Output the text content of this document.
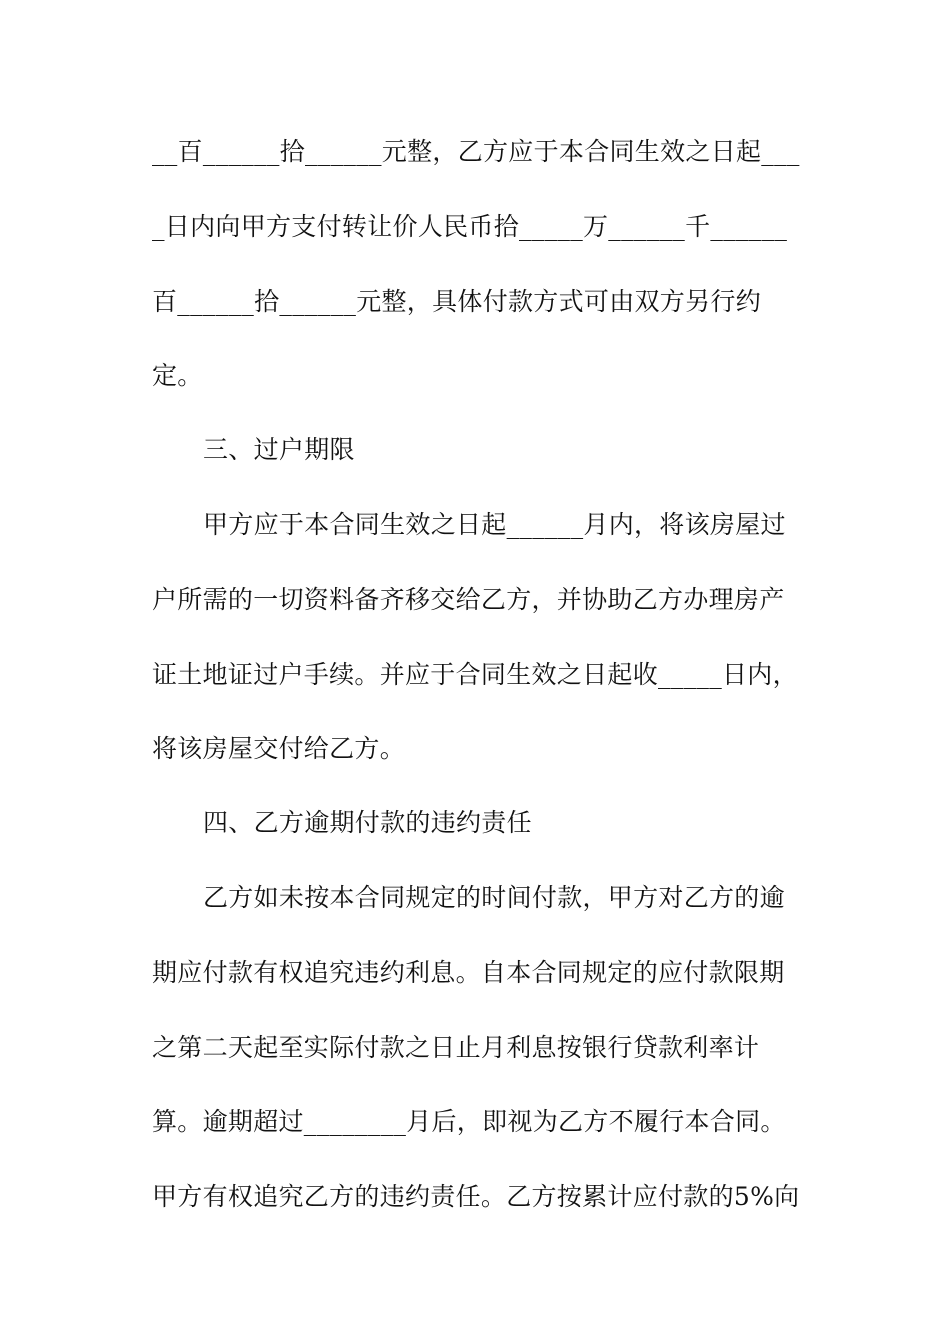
__百______拾______元整，乙方应于本合同生效之日起___
_日内向甲方支付转让价人民币拾_____万______千______
百______拾______元整，具体付款方式可由双方另行约
定。
三、过户期限
甲方应于本合同生效之日起______月内，将该房屋过
户所需的一切资料备齐移交给乙方，并协助乙方办理房产
证土地证过户手续。并应于合同生效之日起收_____日内，
将该房屋交付给乙方。
四、乙方逾期付款的违约责任
乙方如未按本合同规定的时间付款，甲方对乙方的逾
期应付款有权追究违约利息。自本合同规定的应付款限期
之第二天起至实际付款之日止月利息按银行贷款利率计
算。逾期超过________月后，即视为乙方不履行本合同。
甲方有权追究乙方的违约责任。乙方按累计应付款的5%向
